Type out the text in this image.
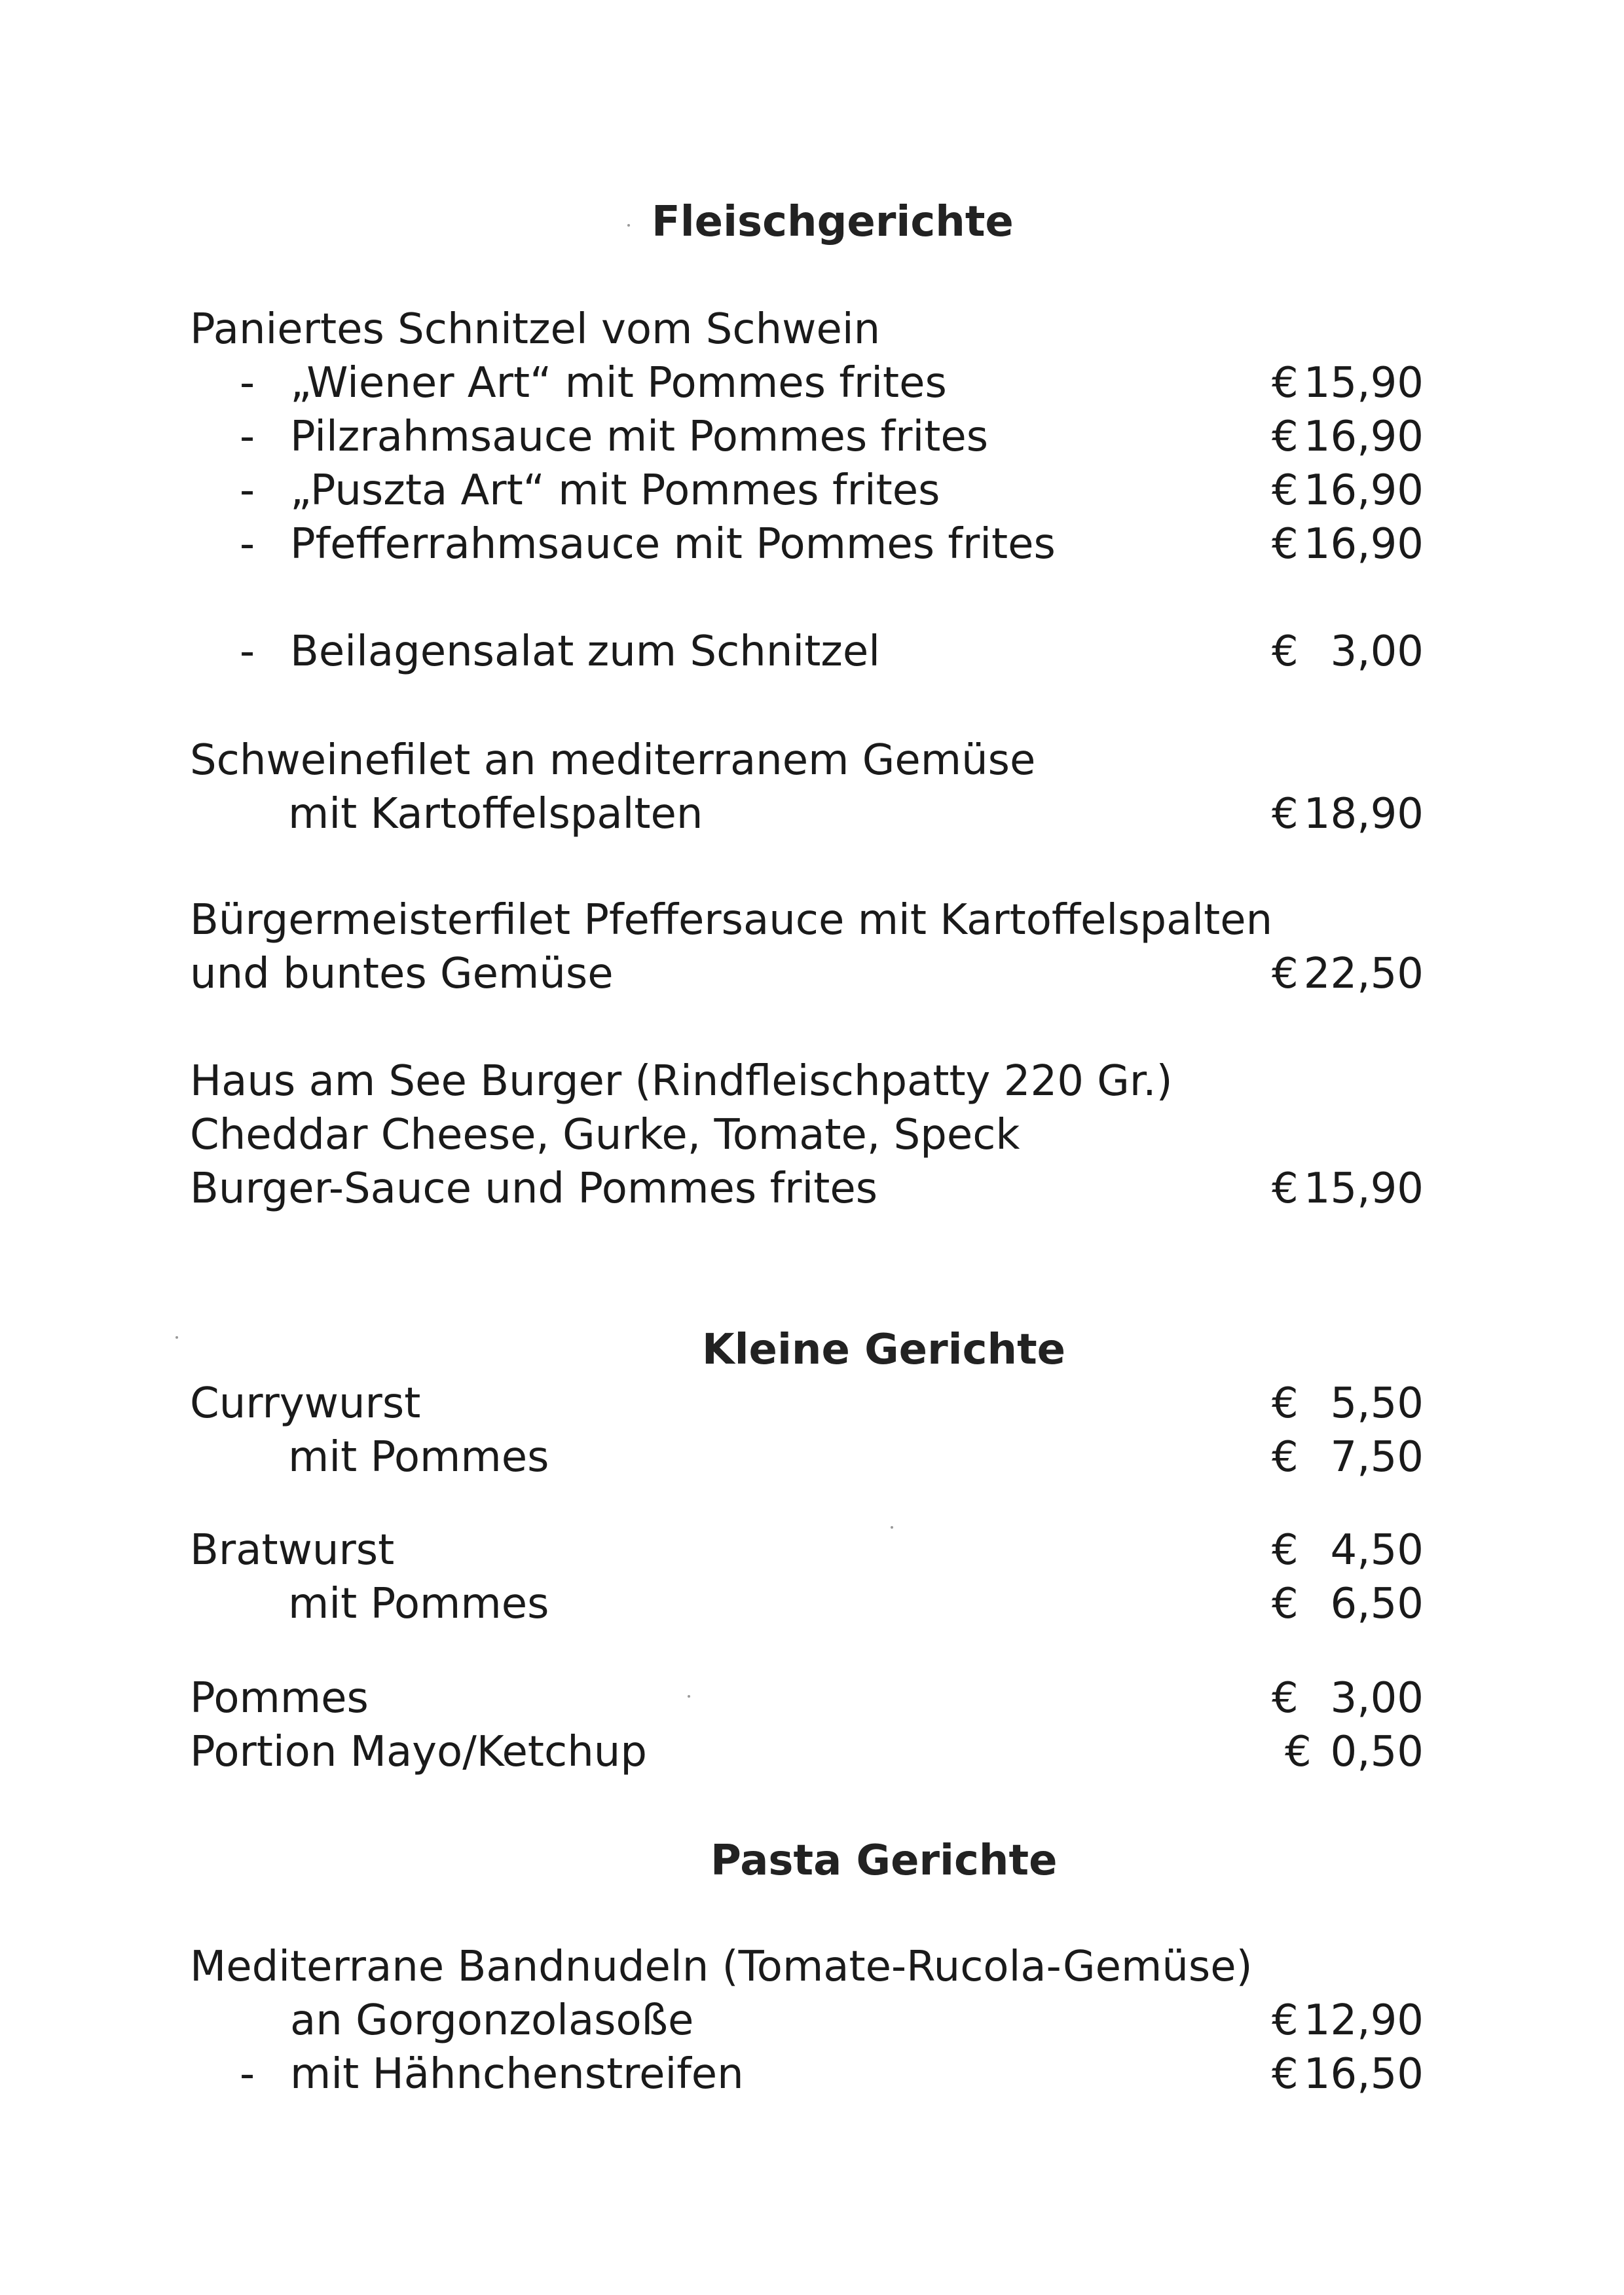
Fleischgerichte
Paniertes Schnitzel vom Schwein
- „Wiener Art“ mit Pommes frites	€ 15,90
- Pilzrahmsauce mit Pommes frites	€ 16,90
- „Puszta Art“ mit Pommes frites	€ 16,90
- Pfefferrahmsauce mit Pommes frites	€ 16,90
- Beilagensalat zum Schnitzel	€ 3,00
Schweinefilet an mediterranem Gemüse
mit Kartoffelspalten	€ 18,90
Bürgermeisterfilet Pfeffersauce mit Kartoffelspalten
und buntes Gemüse	€ 22,50
Haus am See Burger (Rindfleischpatty 220 Gr.)
Cheddar Cheese, Gurke, Tomate, Speck
Burger-Sauce und Pommes frites	€ 15,90
Kleine Gerichte
Currywurst	€ 5,50
mit Pommes	€ 7,50
Bratwurst	€ 4,50
mit Pommes	€ 6,50
Pommes	€ 3,00
Portion Mayo/Ketchup	€ 0,50
Pasta Gerichte
Mediterrane Bandnudeln (Tomate-Rucola-Gemüse)
an Gorgonzolasoße	€ 12,90
- mit Hähnchenstreifen	€ 16,50
